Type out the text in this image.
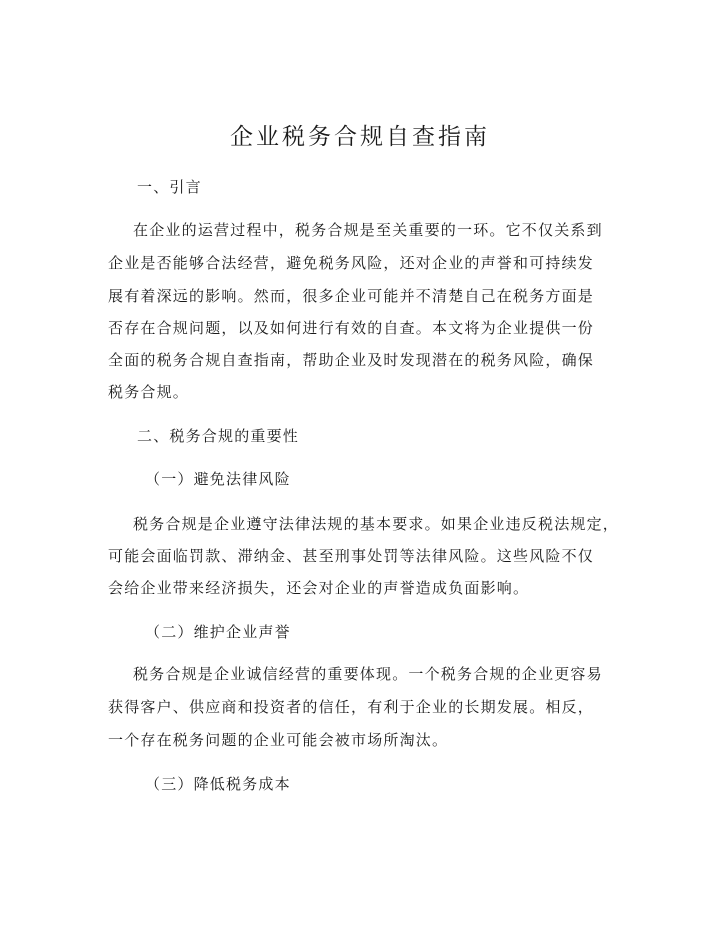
企业税务合规自查指南

一、引言

在企业的运营过程中，税务合规是至关重要的一环。它不仅关系到

企业是否能够合法经营，避免税务风险，还对企业的声誉和可持续发

展有着深远的影响。然而，很多企业可能并不清楚自己在税务方面是

否存在合规问题，以及如何进行有效的自查。本文将为企业提供一份

全面的税务合规自查指南，帮助企业及时发现潜在的税务风险，确保

税务合规。

二、税务合规的重要性

（一）避免法律风险

税务合规是企业遵守法律法规的基本要求。如果企业违反税法规定，

可能会面临罚款、滞纳金、甚至刑事处罚等法律风险。这些风险不仅

会给企业带来经济损失，还会对企业的声誉造成负面影响。

（二）维护企业声誉

税务合规是企业诚信经营的重要体现。一个税务合规的企业更容易

获得客户、供应商和投资者的信任，有利于企业的长期发展。相反，

一个存在税务问题的企业可能会被市场所淘汰。

（三）降低税务成本
